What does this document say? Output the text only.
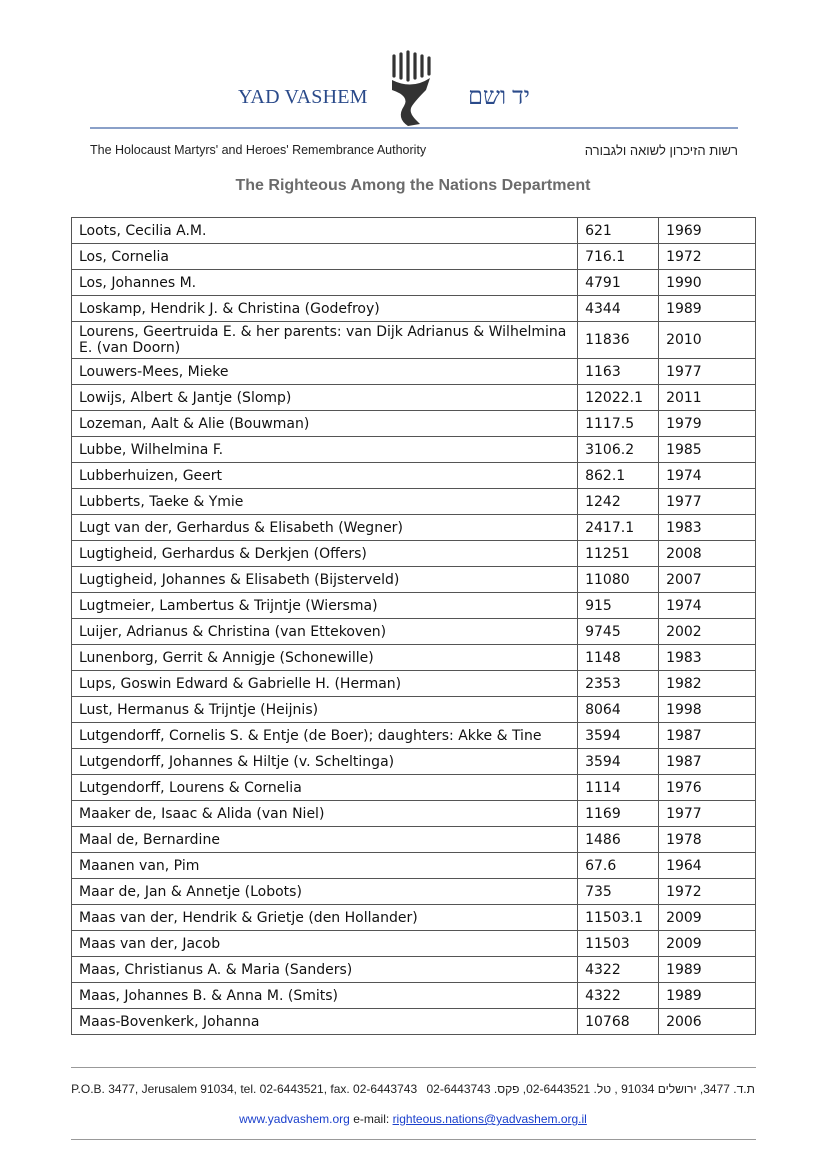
YAD VASHEM	יד ושם
The Holocaust Martyrs' and Heroes' Remembrance Authority	רשות הזיכרון לשואה ולגבורה
The Righteous Among the Nations Department
Loots, Cecilia A.M.	621	1969
Los, Cornelia	716.1	1972
Los, Johannes M.	4791	1990
Loskamp, Hendrik J. & Christina (Godefroy)	4344	1989
Lourens, Geertruida E. & her parents: van Dijk Adrianus & Wilhelmina E. (van Doorn)	11836	2010
Louwers-Mees, Mieke	1163	1977
Lowijs, Albert & Jantje (Slomp)	12022.1	2011
Lozeman, Aalt & Alie (Bouwman)	1117.5	1979
Lubbe, Wilhelmina F.	3106.2	1985
Lubberhuizen, Geert	862.1	1974
Lubberts, Taeke & Ymie	1242	1977
Lugt van der, Gerhardus & Elisabeth (Wegner)	2417.1	1983
Lugtigheid, Gerhardus & Derkjen (Offers)	11251	2008
Lugtigheid, Johannes & Elisabeth (Bijsterveld)	11080	2007
Lugtmeier, Lambertus & Trijntje (Wiersma)	915	1974
Luijer, Adrianus & Christina (van Ettekoven)	9745	2002
Lunenborg, Gerrit & Annigje (Schonewille)	1148	1983
Lups, Goswin Edward & Gabrielle H. (Herman)	2353	1982
Lust, Hermanus & Trijntje (Heijnis)	8064	1998
Lutgendorff, Cornelis S. & Entje (de Boer); daughters: Akke & Tine	3594	1987
Lutgendorff, Johannes & Hiltje (v. Scheltinga)	3594	1987
Lutgendorff, Lourens & Cornelia	1114	1976
Maaker de, Isaac & Alida (van Niel)	1169	1977
Maal de, Bernardine	1486	1978
Maanen van, Pim	67.6	1964
Maar de, Jan & Annetje (Lobots)	735	1972
Maas van der, Hendrik & Grietje (den Hollander)	11503.1	2009
Maas van der, Jacob	11503	2009
Maas, Christianus A. & Maria (Sanders)	4322	1989
Maas, Johannes B. & Anna M. (Smits)	4322	1989
Maas-Bovenkerk, Johanna	10768	2006
P.O.B. 3477, Jerusalem 91034, tel. 02-6443521, fax. 02-6443743 ת.ד. 3477, ירושלים 91034 , טל. 02-6443521, פקס. 02-6443743
www.yadvashem.org e-mail: righteous.nations@yadvashem.org.il
